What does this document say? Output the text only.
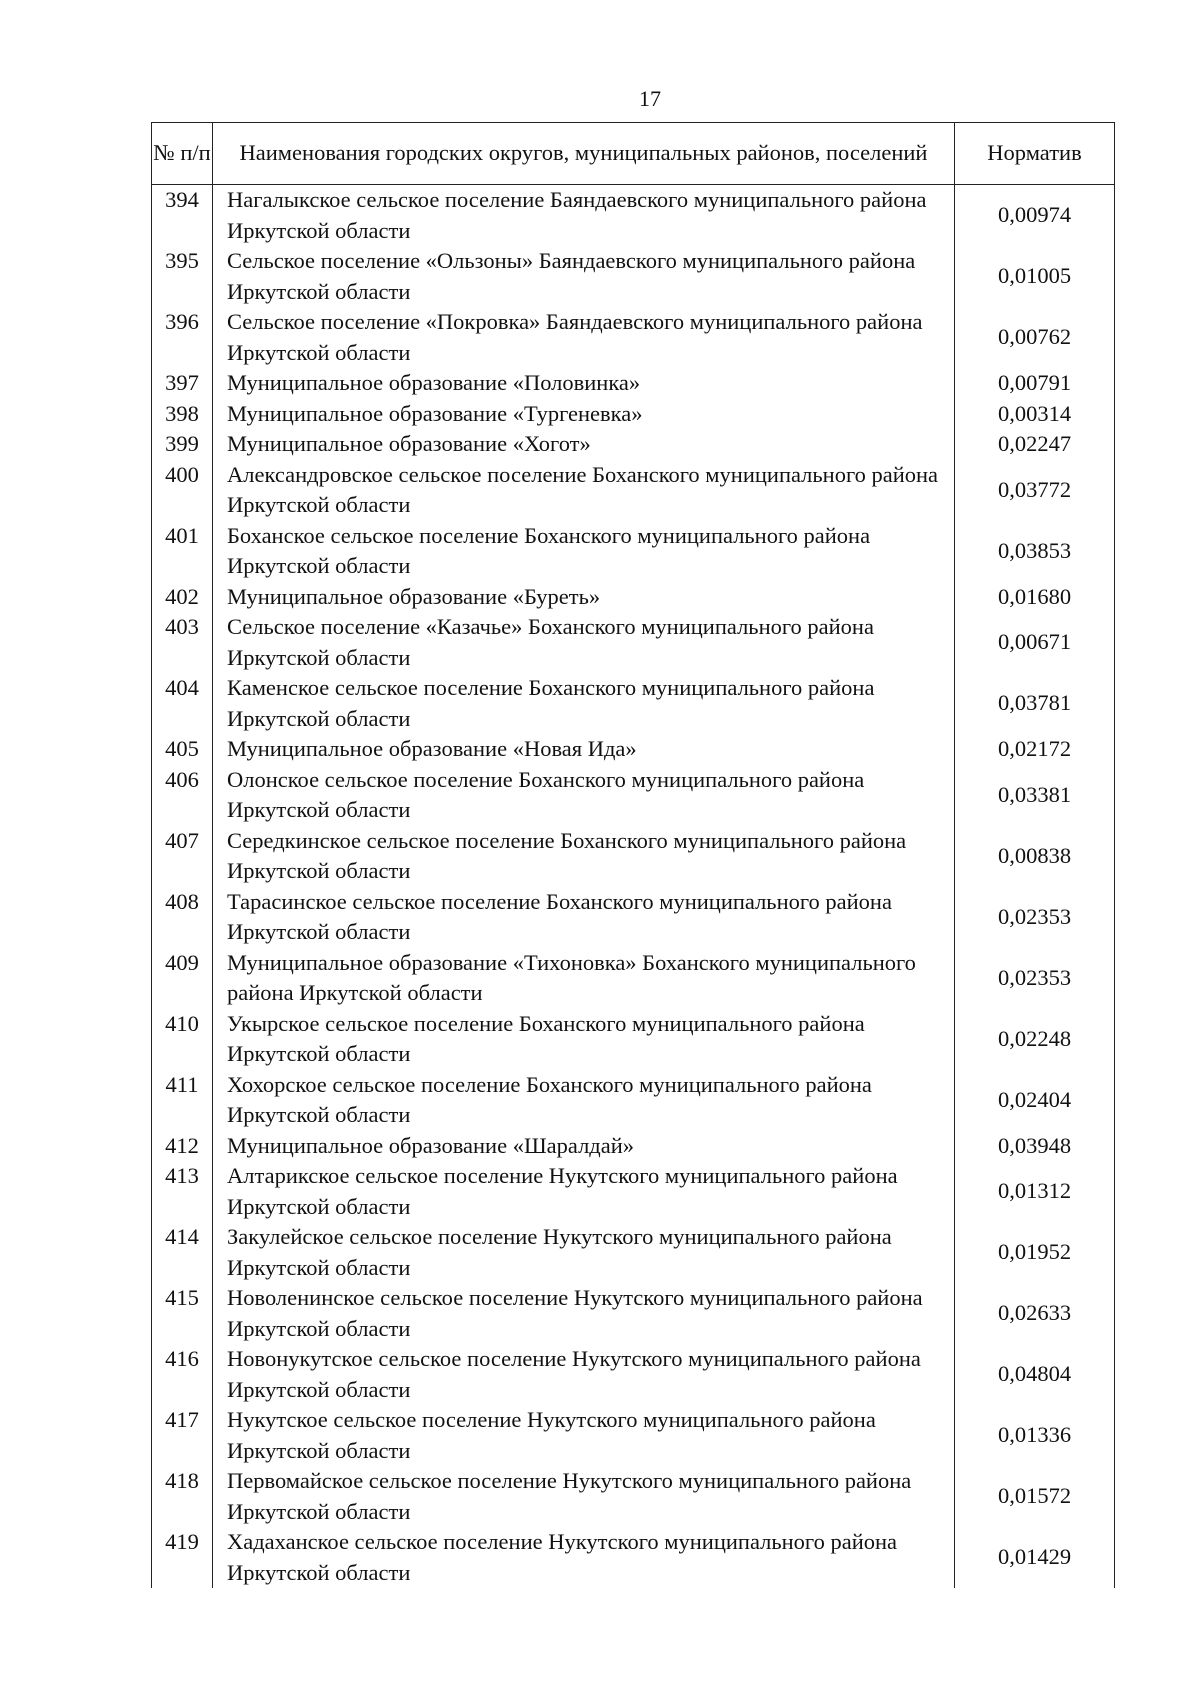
17
№ п/п	Наименования городских округов, муниципальных районов, поселений	Норматив
394	Нагалыкское сельское поселение Баяндаевского муниципального района Иркутской области	0,00974
395	Сельское поселение «Ользоны» Баяндаевского муниципального района Иркутской области	0,01005
396	Сельское поселение «Покровка» Баяндаевского муниципального района Иркутской области	0,00762
397	Муниципальное образование «Половинка»	0,00791
398	Муниципальное образование «Тургеневка»	0,00314
399	Муниципальное образование «Хогот»	0,02247
400	Александровское сельское поселение Боханского муниципального района Иркутской области	0,03772
401	Боханское сельское поселение Боханского муниципального района Иркутской области	0,03853
402	Муниципальное образование «Буреть»	0,01680
403	Сельское поселение «Казачье» Боханского муниципального района Иркутской области	0,00671
404	Каменское сельское поселение Боханского муниципального района Иркутской области	0,03781
405	Муниципальное образование «Новая Ида»	0,02172
406	Олонское сельское поселение Боханского муниципального района Иркутской области	0,03381
407	Середкинское сельское поселение Боханского муниципального района Иркутской области	0,00838
408	Тарасинское сельское поселение Боханского муниципального района Иркутской области	0,02353
409	Муниципальное образование «Тихоновка» Боханского муниципального района Иркутской области	0,02353
410	Укырское сельское поселение Боханского муниципального района Иркутской области	0,02248
411	Хохорское сельское поселение Боханского муниципального района Иркутской области	0,02404
412	Муниципальное образование «Шаралдай»	0,03948
413	Алтарикское сельское поселение Нукутского муниципального района Иркутской области	0,01312
414	Закулейское сельское поселение Нукутского муниципального района Иркутской области	0,01952
415	Новоленинское сельское поселение Нукутского муниципального района Иркутской области	0,02633
416	Новонукутское сельское поселение Нукутского муниципального района Иркутской области	0,04804
417	Нукутское сельское поселение Нукутского муниципального района Иркутской области	0,01336
418	Первомайское сельское поселение Нукутского муниципального района Иркутской области	0,01572
419	Хадаханское сельское поселение Нукутского муниципального района Иркутской области	0,01429
